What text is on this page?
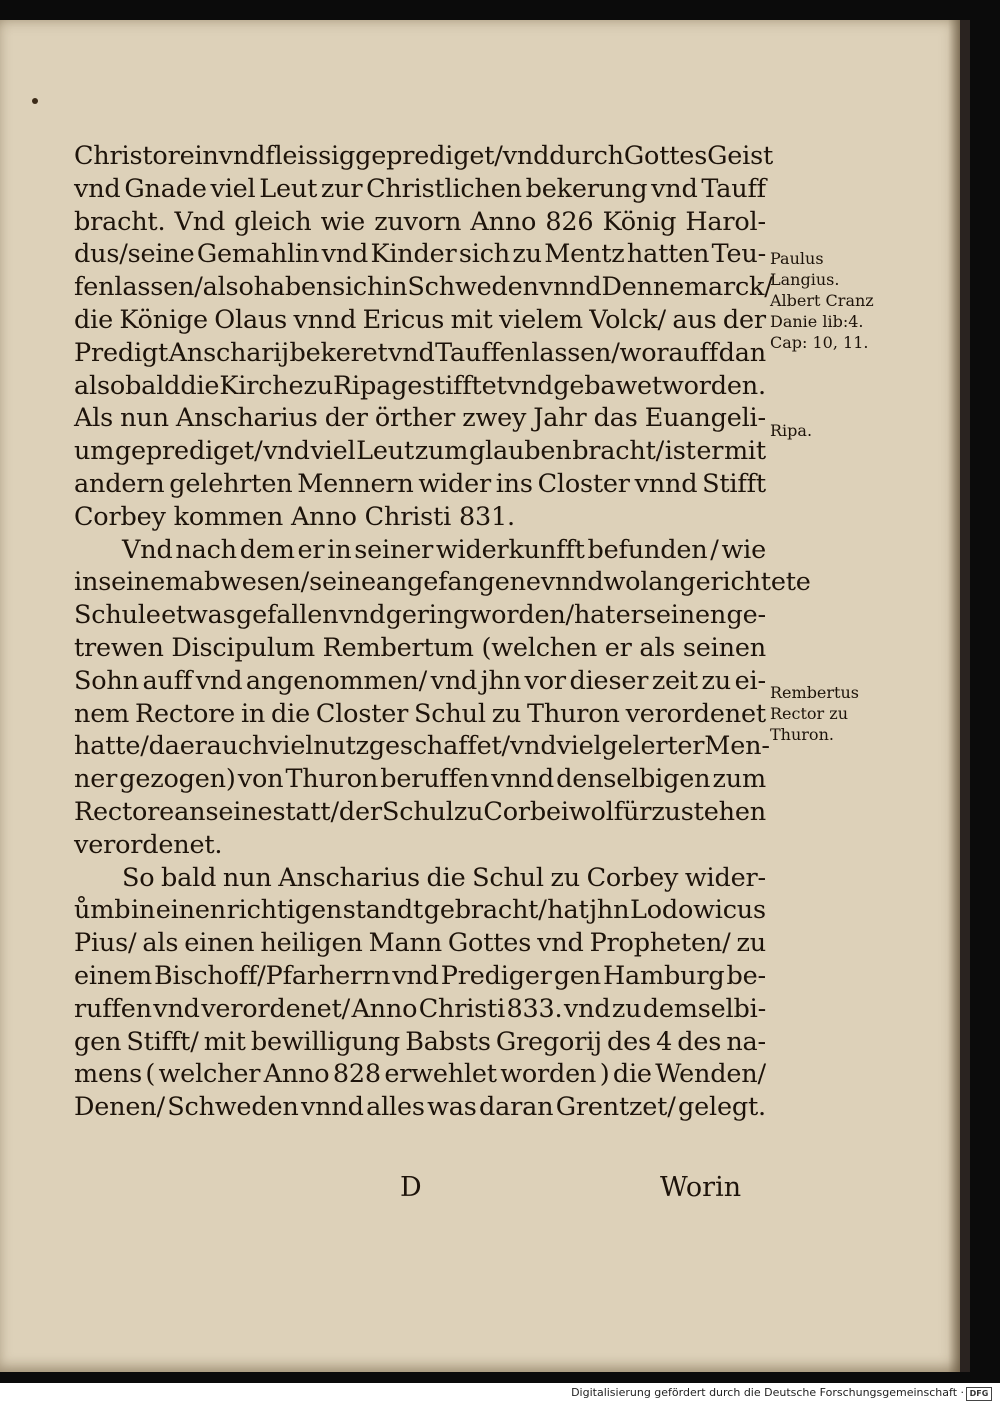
Christo rein vnd fleissig geprediget/ vnd durch Gottes Geist
vnd Gnade viel Leut zur Christlichen bekerung vnd Tauff
bracht. Vnd gleich wie zuvorn Anno 826 König Harol-
dus/seine Gemahlin vnd Kinder sich zu Mentz hatten Teu-
fen lassen/also haben sich in Schweden vnnd Dennemarck/
die Könige Olaus vnnd Ericus mit vielem Volck/ aus der
Predigt Anscharij bekeret vnd Tauffen lassen/worauff dan
also bald die Kirche zu Ripa gestifftet vnd gebawet worden.
Als nun Anscharius der örther zwey Jahr das Euangeli-
um geprediget/ vnd viel Leut zum glauben bracht/ ist er mit
andern gelehrten Mennern wider ins Closter vnnd Stifft
Corbey kommen Anno Christi 831.
Vnd nach dem er in seiner widerkunfft befunden / wie
in seinem abwesen/ seine angefangene vnnd wol angerichtete
Schule etwas gefallen vnd gering worden/hat er seinen ge-
trewen Discipulum Rembertum (welchen er als seinen
Sohn auff vnd angenommen/ vnd jhn vor dieser zeit zu ei-
nem Rectore in die Closter Schul zu Thuron verordenet
hatte/ da er auch viel nutz geschaffet/ vnd viel gelerter Men-
ner gezogen) von Thuron beruffen vnnd denselbigen zum
Rectore an seine statt/der Schul zu Corbei wol für zustehen
verordenet.
So bald nun Anscharius die Schul zu Corbey wider-
ůmb in einen richtigen standt gebracht/ hat jhn Lodowicus
Pius/ als einen heiligen Mann Gottes vnd Propheten/ zu
einem Bischoff/Pfarherrn vnd Prediger gen Hamburg be-
ruffen vnd verordenet/ Anno Christi 833. vnd zu demselbi-
gen Stifft/ mit bewilligung Babsts Gregorij des 4 des na-
mens ( welcher Anno 828 erwehlet worden ) die Wenden/
Denen/ Schweden vnnd alles was daran Grentzet/ gelegt.
Paulus
Langius.
Albert Cranz
Danie lib:4.
Cap: 10, 11.
Ripa.
Rembertus
Rector zu
Thuron.
D	Worin
Digitalisierung gefördert durch die Deutsche Forschungsgemeinschaft · DFG
